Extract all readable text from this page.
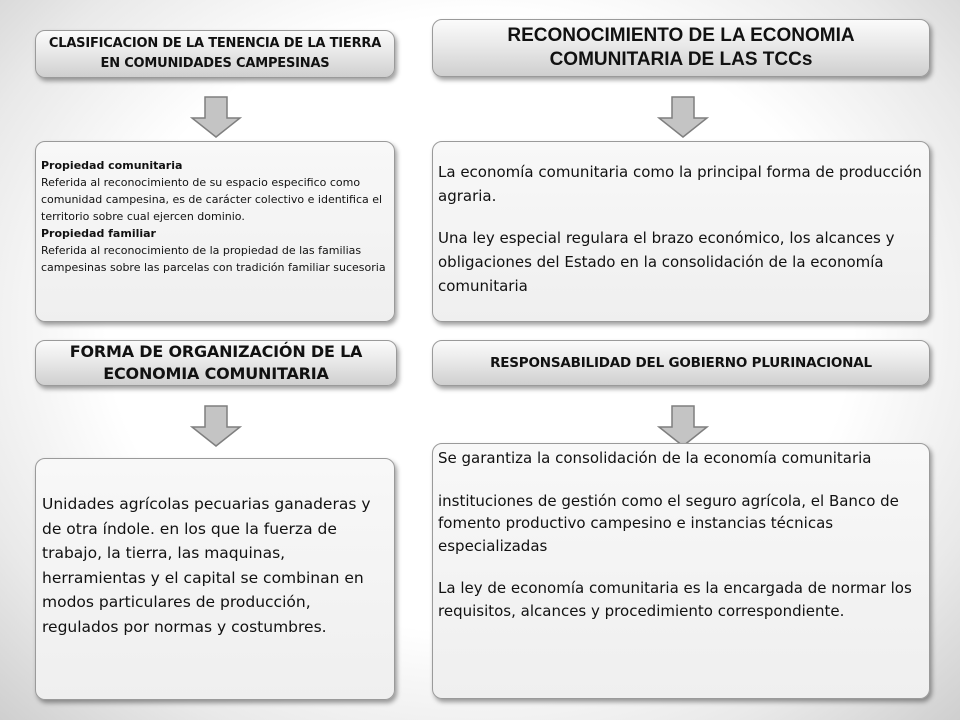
CLASIFICACION DE LA TENENCIA DE LA TIERRA EN COMUNIDADES CAMPESINAS
Propiedad comunitaria
Referida al reconocimiento de su espacio especifico como comunidad campesina, es de carácter colectivo e identifica el territorio sobre cual ejercen dominio.
Propiedad familiar
Referida al reconocimiento de la propiedad de las familias campesinas sobre las parcelas con tradición familiar sucesoria
FORMA DE ORGANIZACIÓN DE LA ECONOMIA COMUNITARIA
Unidades agrícolas pecuarias ganaderas y de otra índole. en los que la fuerza de trabajo, la tierra, las maquinas, herramientas y el capital se combinan en modos particulares de producción, regulados por normas y costumbres.
RECONOCIMIENTO DE LA ECONOMIA COMUNITARIA DE LAS TCCs
La economía comunitaria como la principal forma de producción agraria.
Una ley especial regulara el brazo económico, los alcances y obligaciones del Estado en la consolidación de la economía comunitaria
RESPONSABILIDAD DEL GOBIERNO PLURINACIONAL
Se garantiza la consolidación de la economía comunitaria
instituciones de gestión como el seguro agrícola, el Banco de fomento productivo campesino e instancias técnicas especializadas
La ley de economía comunitaria es la encargada de normar los requisitos, alcances y procedimiento correspondiente.
